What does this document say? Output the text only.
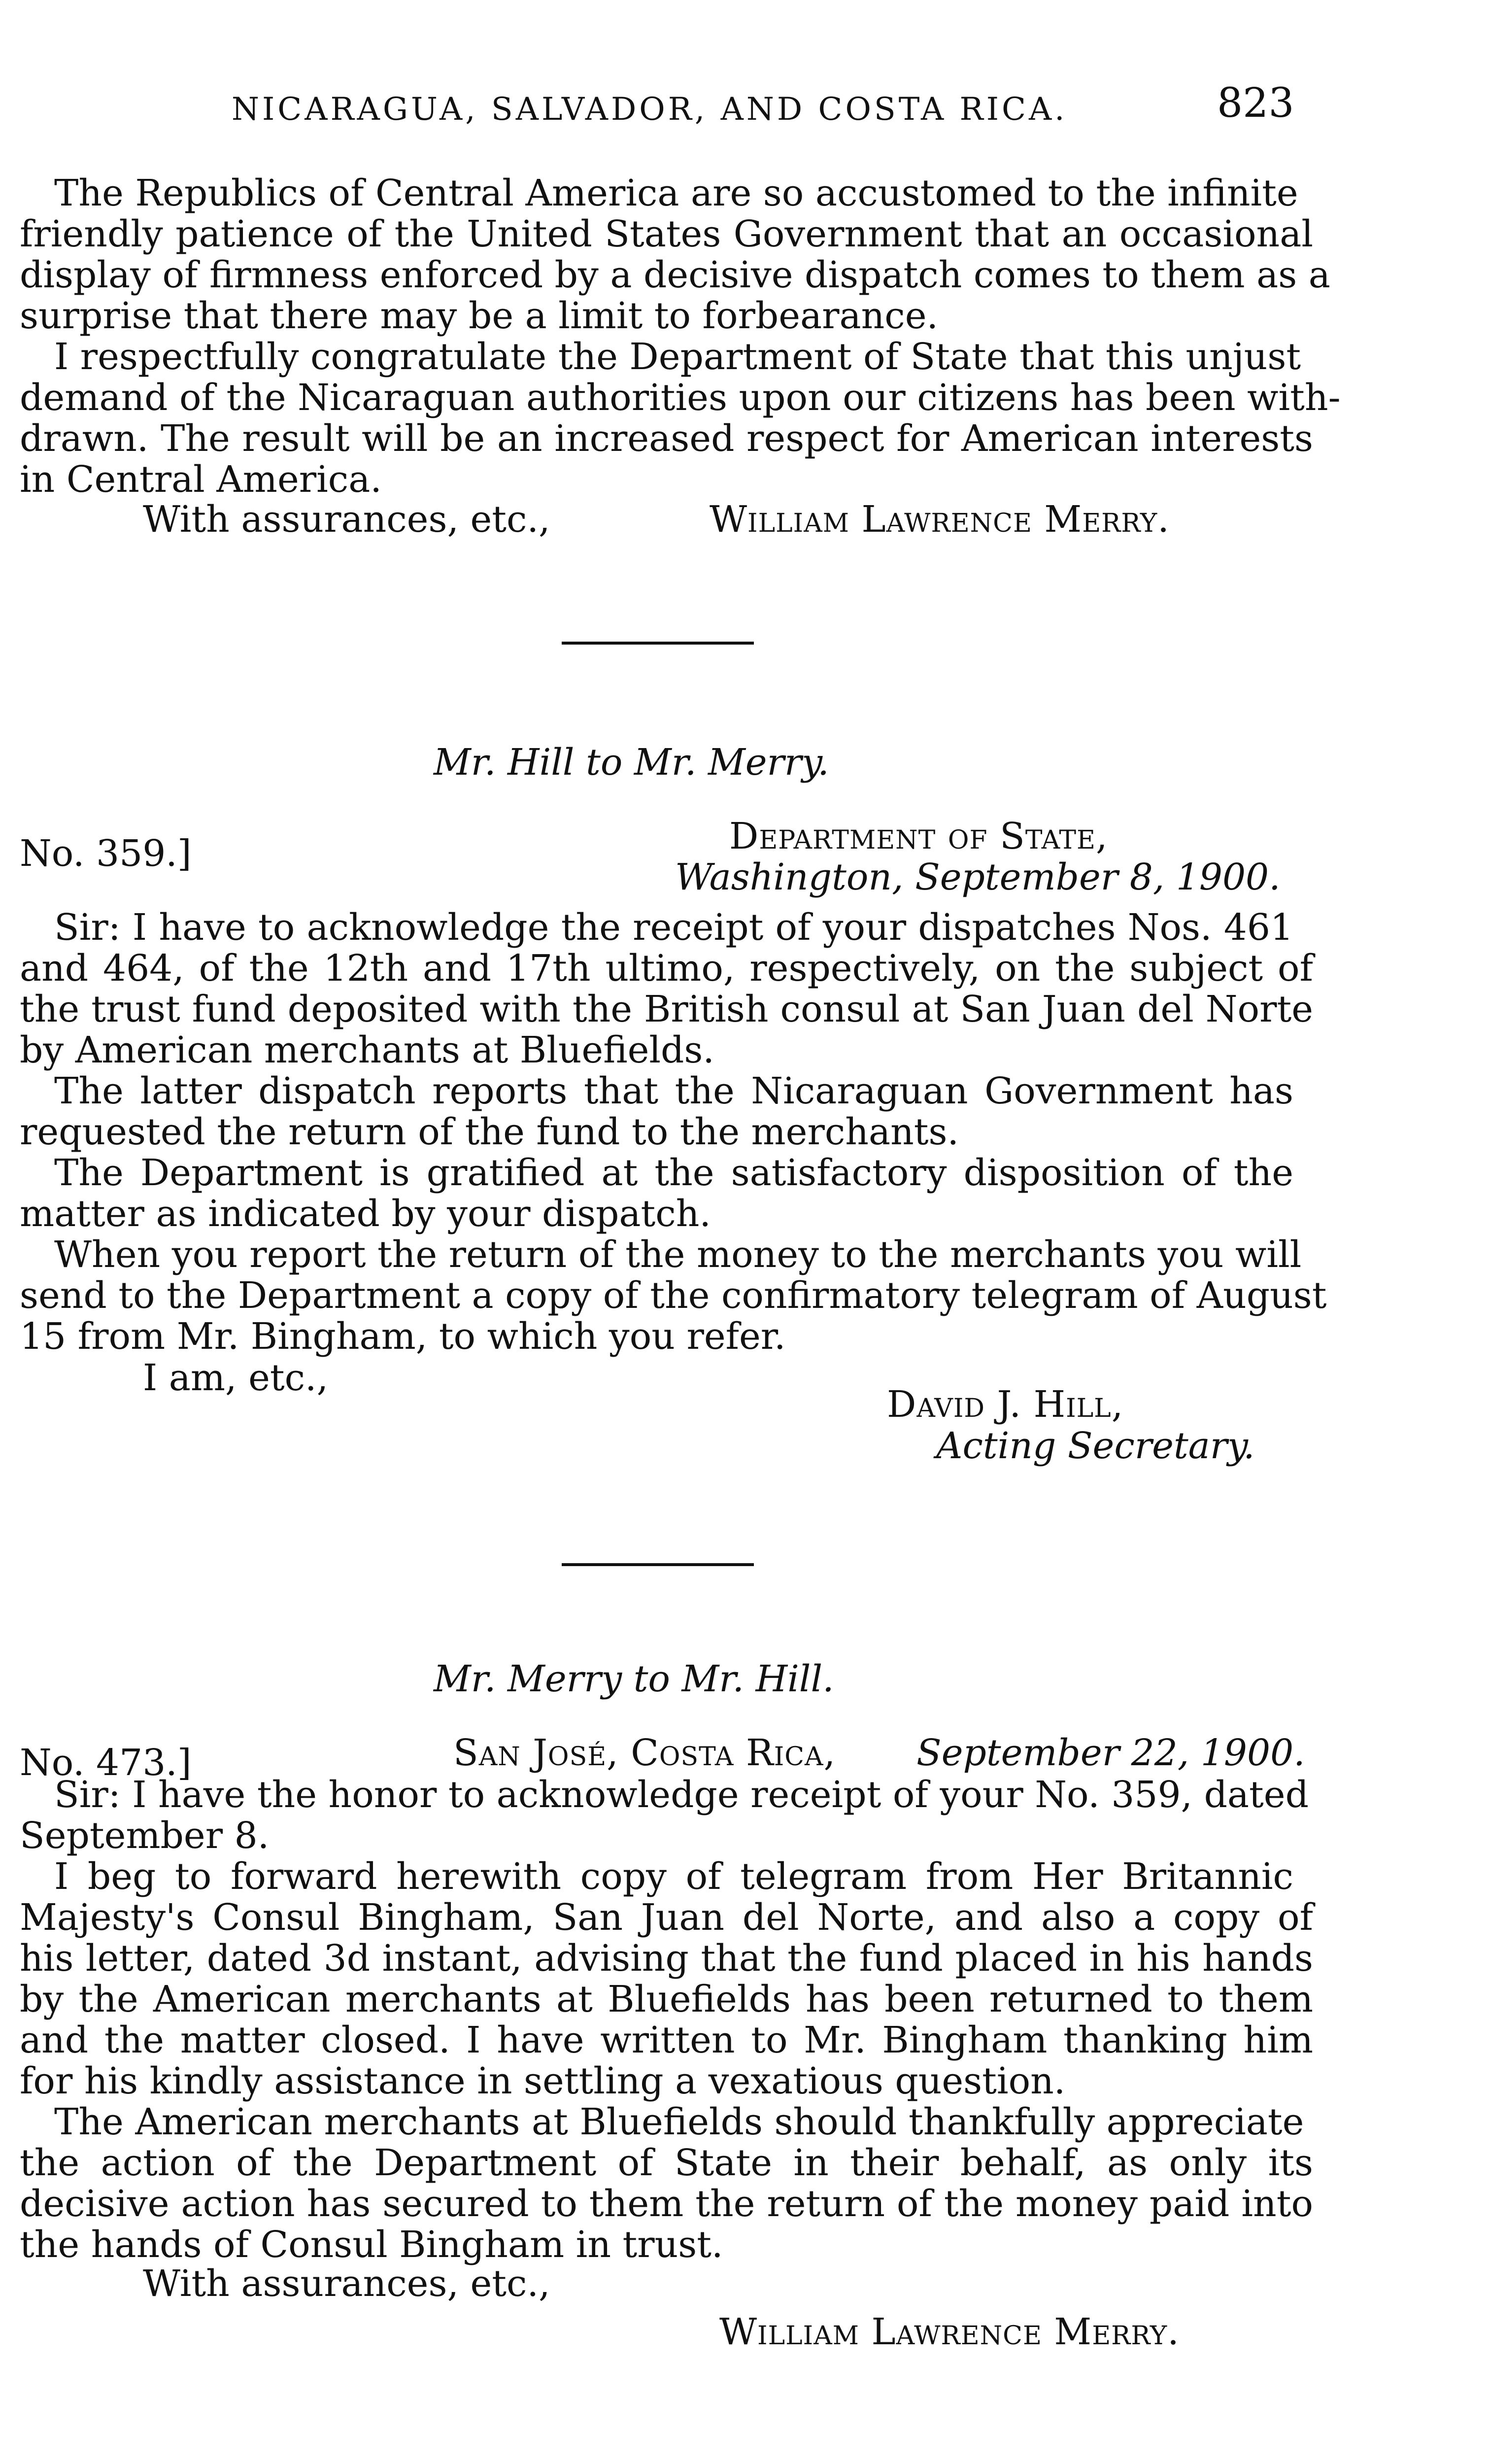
NICARAGUA, SALVADOR, AND COSTA RICA.	823
The Republics of Central America are so accustomed to the infinite
friendly patience of the United States Government that an occasional
display of firmness enforced by a decisive dispatch comes to them as a
surprise that there may be a limit to forbearance.
I respectfully congratulate the Department of State that this unjust
demand of the Nicaraguan authorities upon our citizens has been with-
drawn. The result will be an increased respect for American interests
in Central America.
With assurances, etc.,	William Lawrence Merry.
Mr. Hill to Mr. Merry.
No. 359.]	Department of State,
Washington, September 8, 1900.
Sir: I have to acknowledge the receipt of your dispatches Nos. 461
and 464, of the 12th and 17th ultimo, respectively, on the subject of
the trust fund deposited with the British consul at San Juan del Norte
by American merchants at Bluefields.
The latter dispatch reports that the Nicaraguan Government has
requested the return of the fund to the merchants.
The Department is gratified at the satisfactory disposition of the
matter as indicated by your dispatch.
When you report the return of the money to the merchants you will
send to the Department a copy of the confirmatory telegram of August
15 from Mr. Bingham, to which you refer.
I am, etc.,
David J. Hill,
Acting Secretary.
Mr. Merry to Mr. Hill.
No. 473.]	San José, Costa Rica, September 22, 1900.
Sir: I have the honor to acknowledge receipt of your No. 359, dated
September 8.
I beg to forward herewith copy of telegram from Her Britannic
Majesty's Consul Bingham, San Juan del Norte, and also a copy of
his letter, dated 3d instant, advising that the fund placed in his hands
by the American merchants at Bluefields has been returned to them
and the matter closed. I have written to Mr. Bingham thanking him
for his kindly assistance in settling a vexatious question.
The American merchants at Bluefields should thankfully appreciate
the action of the Department of State in their behalf, as only its
decisive action has secured to them the return of the money paid into
the hands of Consul Bingham in trust.
With assurances, etc.,
William Lawrence Merry.
